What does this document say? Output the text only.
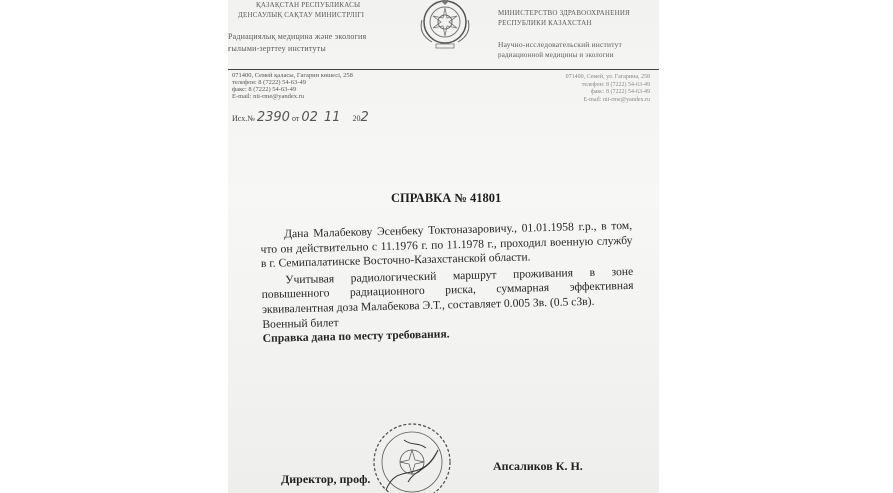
ҚАЗАҚСТАН РЕСПУБЛИКАСЫ
ДЕНСАУЛЫҚ САҚТАУ МИНИСТРЛІГІ
Радиациялық медицина және экология
ғылыми-зерттеу институты
МИНИСТЕРСТВО ЗДРАВООХРАНЕНИЯ
РЕСПУБЛИКИ КАЗАХСТАН
Научно-исследовательский институт
радиационной медицины и экологии
071400, Семей қаласы, Гагарин көшесі, 258
телефон: 8 (7222) 54-63-49
факс: 8 (7222) 54-63-49
E-mail: nii-rme@yandex.ru
071400, Семей, ул. Гагарина, 258
телефон: 8 (7222) 54-63-49
факс: 8 (7222) 54-63-49
E-mail: nii-rme@yandex.ru
Исх.№ 2390 от 02 11 202
СПРАВКА № 41801

Дана Малабекову Эсенбеку Токтоназаровичу., 01.01.1958 г.р., в том, что он действительно с 11.1976 г. по 11.1978 г., проходил военную службу в г. Семипалатинске Восточно-Казахстанской области.

Учитывая радиологический маршрут проживания в зоне повышенного радиационного риска, суммарная эффективная эквивалентная доза Малабекова Э.Т., составляет 0.005 Зв. (0.5 сЗв).

Военный билет

Справка дана по месту требования.

Апсаликов К. Н.
Директор, проф.
